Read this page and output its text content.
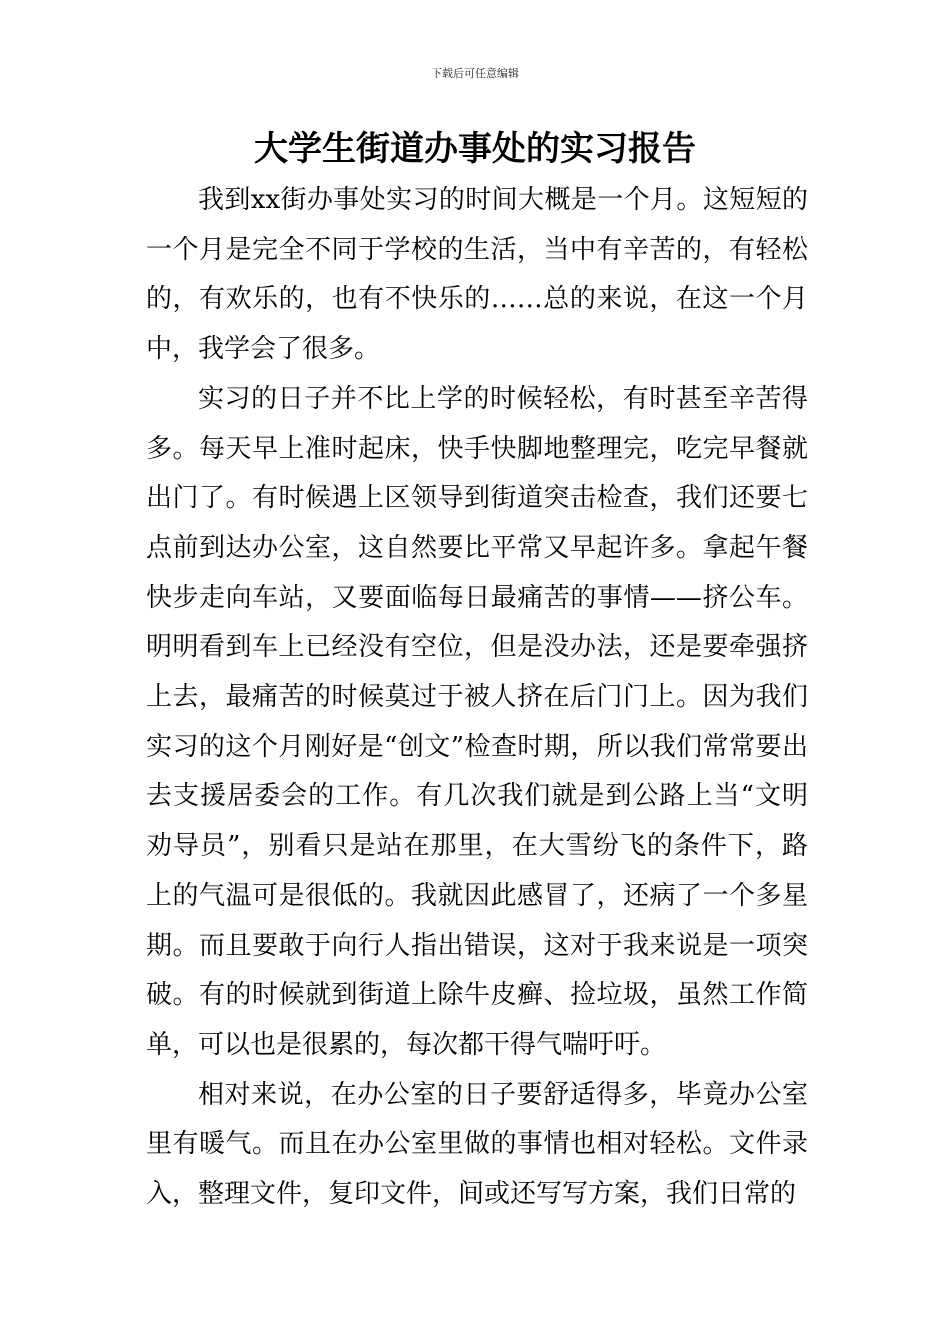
下载后可任意编辑
大学生街道办事处的实习报告

我到xx街办事处实习的时间大概是一个月。这短短的一个月是完全不同于学校的生活，当中有辛苦的，有轻松的，有欢乐的，也有不快乐的……总的来说，在这一个月中，我学会了很多。

实习的日子并不比上学的时候轻松，有时甚至辛苦得多。每天早上准时起床，快手快脚地整理完，吃完早餐就出门了。有时候遇上区领导到街道突击检查，我们还要七点前到达办公室，这自然要比平常又早起许多。拿起午餐快步走向车站，又要面临每日最痛苦的事情——挤公车。明明看到车上已经没有空位，但是没办法，还是要牵强挤上去，最痛苦的时候莫过于被人挤在后门门上。因为我们实习的这个月刚好是“创文”检查时期，所以我们常常要出去支援居委会的工作。有几次我们就是到公路上当“文明劝导员”，别看只是站在那里，在大雪纷飞的条件下，路上的气温可是很低的。我就因此感冒了，还病了一个多星期。而且要敢于向行人指出错误，这对于我来说是一项突破。有的时候就到街道上除牛皮癣、捡垃圾，虽然工作简单，可以也是很累的，每次都干得气喘吁吁。

相对来说，在办公室的日子要舒适得多，毕竟办公室里有暖气。而且在办公室里做的事情也相对轻松。文件录入，整理文件，复印文件，间或还写写方案，我们日常的
